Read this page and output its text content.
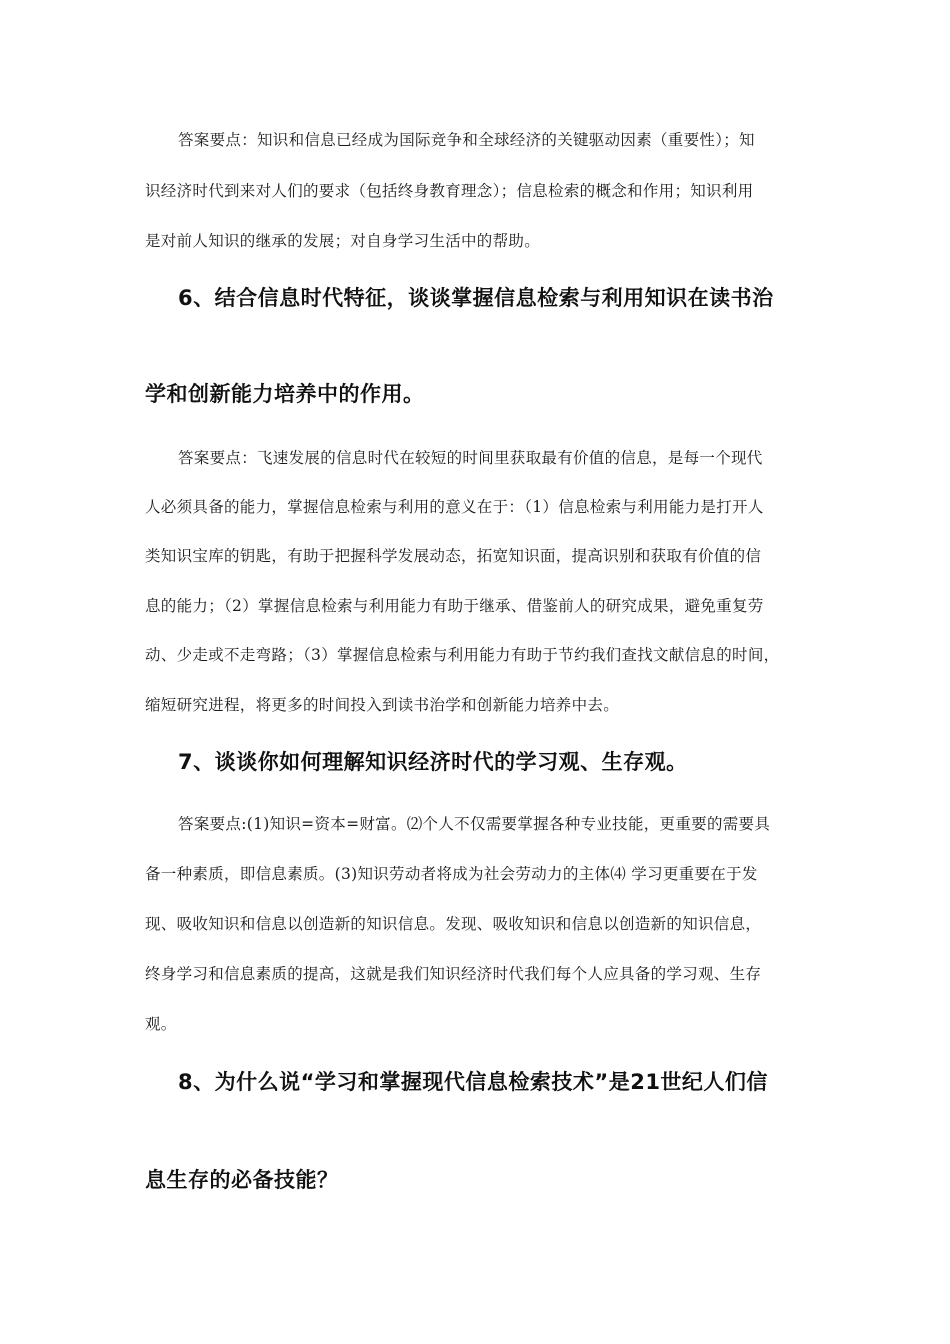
答案要点：知识和信息已经成为国际竞争和全球经济的关键驱动因素（重要性）；知
识经济时代到来对人们的要求（包括终身教育理念）；信息检索的概念和作用；知识利用
是对前人知识的继承的发展；对自身学习生活中的帮助。
6、结合信息时代特征，谈谈掌握信息检索与利用知识在读书治
学和创新能力培养中的作用。
答案要点：飞速发展的信息时代在较短的时间里获取最有价值的信息，是每一个现代
人必须具备的能力，掌握信息检索与利用的意义在于：（1）信息检索与利用能力是打开人
类知识宝库的钥匙，有助于把握科学发展动态，拓宽知识面，提高识别和获取有价值的信
息的能力；（2）掌握信息检索与利用能力有助于继承、借鉴前人的研究成果，避免重复劳
动、少走或不走弯路；（3）掌握信息检索与利用能力有助于节约我们查找文献信息的时间，
缩短研究进程，将更多的时间投入到读书治学和创新能力培养中去。
7、谈谈你如何理解知识经济时代的学习观、生存观。
答案要点:(1)知识=资本=财富。⑵个人不仅需要掌握各种专业技能，更重要的需要具
备一种素质，即信息素质。(3)知识劳动者将成为社会劳动力的主体⑷ 学习更重要在于发
现、吸收知识和信息以创造新的知识信息。发现、吸收知识和信息以创造新的知识信息，
终身学习和信息素质的提高，这就是我们知识经济时代我们每个人应具备的学习观、生存
观。
8、为什么说“学习和掌握现代信息检索技术”是21世纪人们信
息生存的必备技能？
